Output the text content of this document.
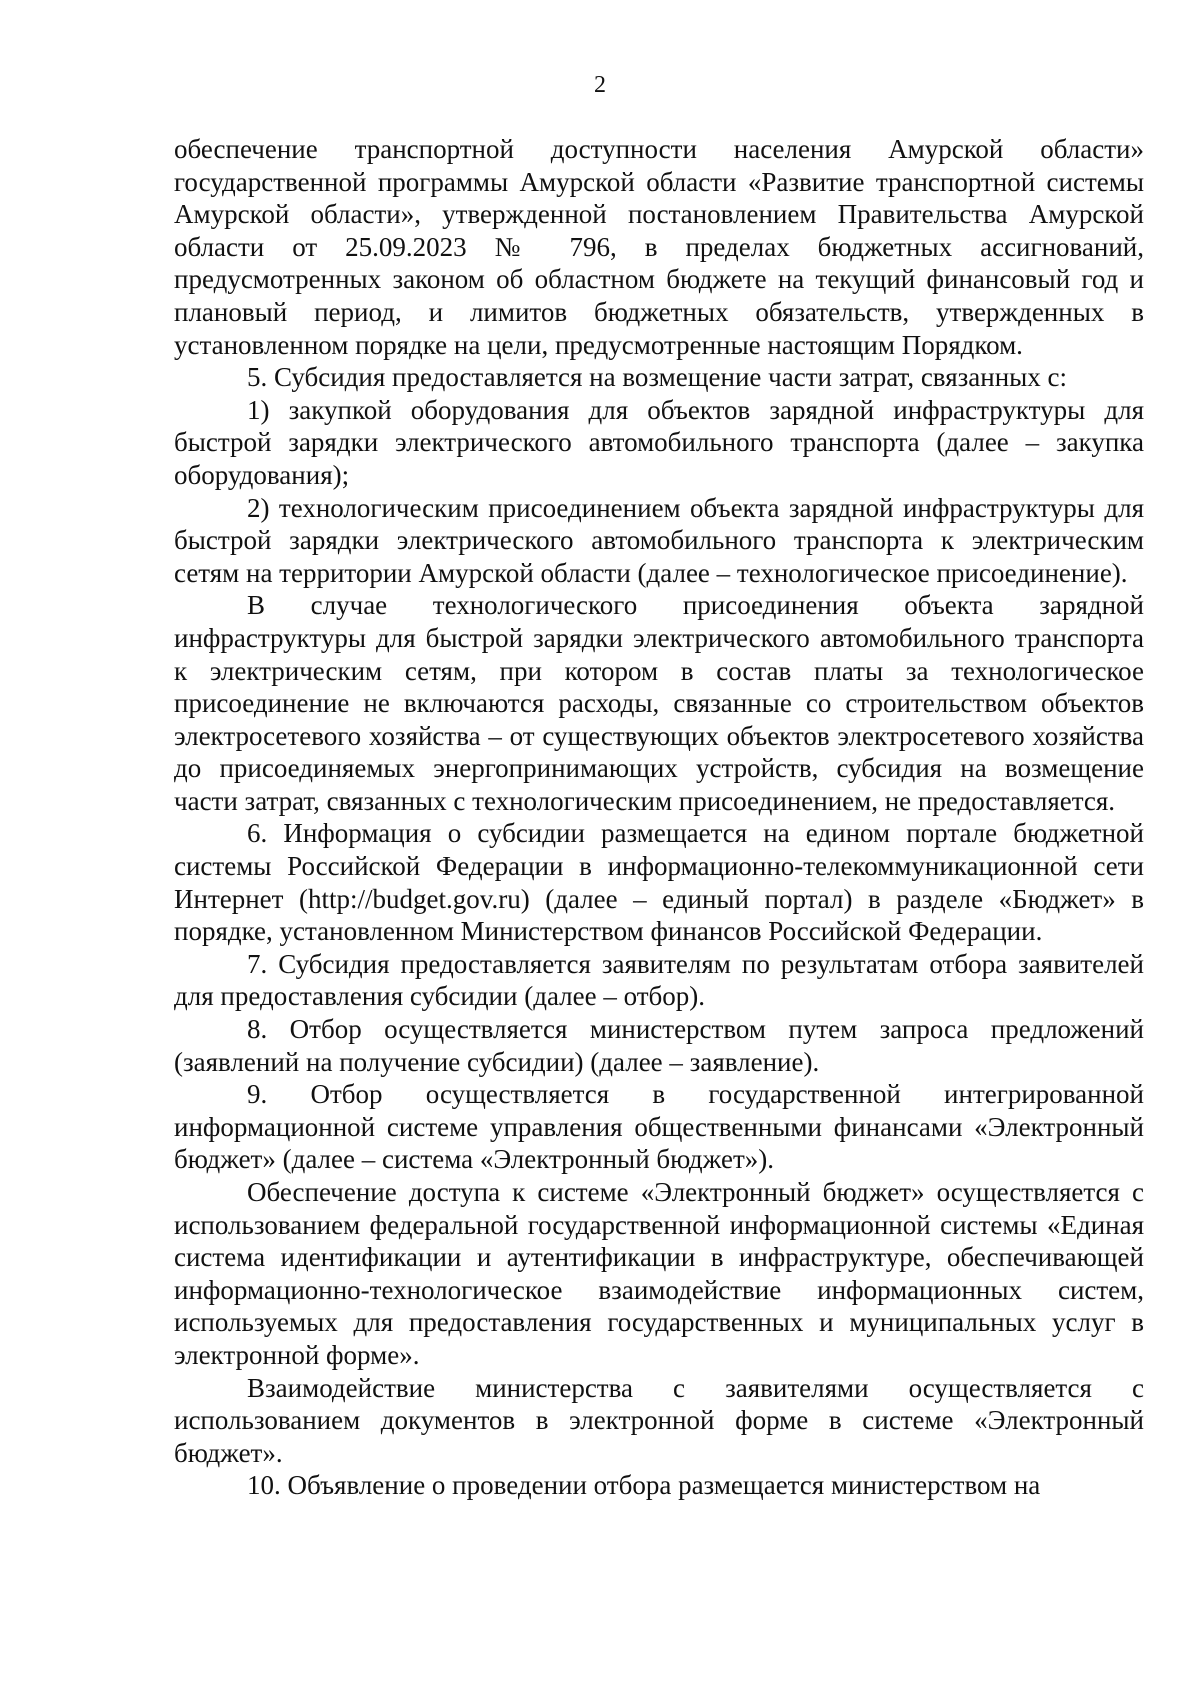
2

обеспечение транспортной доступности населения Амурской области» государственной программы Амурской области «Развитие транспортной системы Амурской области», утвержденной постановлением Правительства Амурской области от 25.09.2023 № 796, в пределах бюджетных ассигнований, предусмотренных законом об областном бюджете на текущий финансовый год и плановый период, и лимитов бюджетных обязательств, утвержденных в установленном порядке на цели, предусмотренные настоящим Порядком.

5. Субсидия предоставляется на возмещение части затрат, связанных с:

1) закупкой оборудования для объектов зарядной инфраструктуры для быстрой зарядки электрического автомобильного транспорта (далее – закупка оборудования);

2) технологическим присоединением объекта зарядной инфраструктуры для быстрой зарядки электрического автомобильного транспорта к электрическим сетям на территории Амурской области (далее – технологическое присоединение).

В случае технологического присоединения объекта зарядной инфраструктуры для быстрой зарядки электрического автомобильного транспорта к электрическим сетям, при котором в состав платы за технологическое присоединение не включаются расходы, связанные со строительством объектов электросетевого хозяйства – от существующих объектов электросетевого хозяйства до присоединяемых энергопринимающих устройств, субсидия на возмещение части затрат, связанных с технологическим присоединением, не предоставляется.

6. Информация о субсидии размещается на едином портале бюджетной системы Российской Федерации в информационно-телекоммуникационной сети Интернет (http://budget.gov.ru) (далее – единый портал) в разделе «Бюджет» в порядке, установленном Министерством финансов Российской Федерации.

7. Субсидия предоставляется заявителям по результатам отбора заявителей для предоставления субсидии (далее – отбор).

8. Отбор осуществляется министерством путем запроса предложений (заявлений на получение субсидии) (далее – заявление).

9. Отбор осуществляется в государственной интегрированной информационной системе управления общественными финансами «Электронный бюджет» (далее – система «Электронный бюджет»).

Обеспечение доступа к системе «Электронный бюджет» осуществляется с использованием федеральной государственной информационной системы «Единая система идентификации и аутентификации в инфраструктуре, обеспечивающей информационно-технологическое взаимодействие информационных систем, используемых для предоставления государственных и муниципальных услуг в электронной форме».

Взаимодействие министерства с заявителями осуществляется с использованием документов в электронной форме в системе «Электронный бюджет».

10. Объявление о проведении отбора размещается министерством на
